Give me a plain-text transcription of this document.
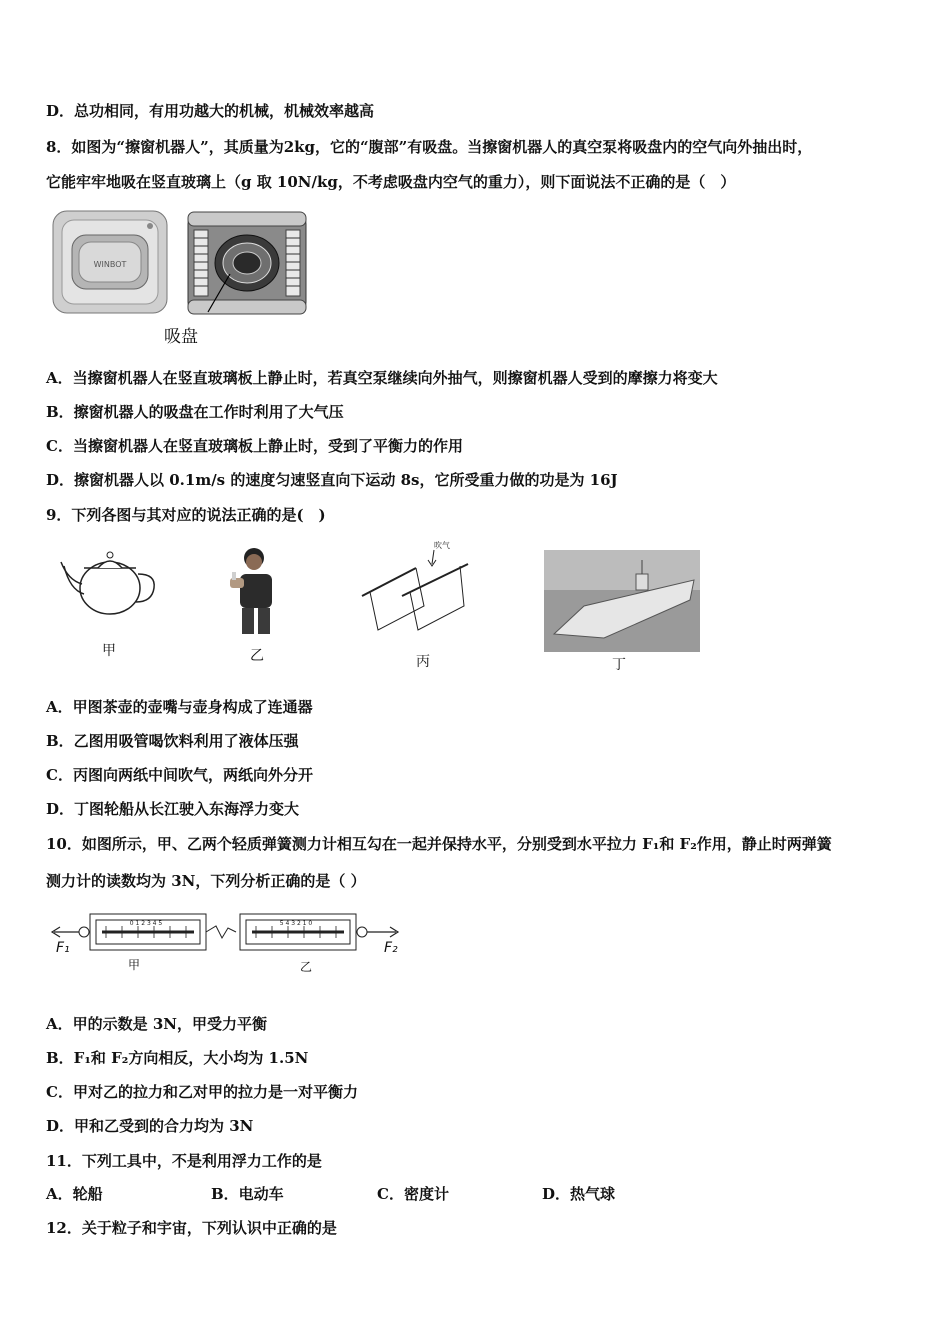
D．总功相同，有用功越大的机械，机械效率越高
8．如图为“擦窗机器人”，其质量为2kg，它的“腹部”有吸盘。当擦窗机器人的真空泵将吸盘内的空气向外抽出时，
它能牢牢地吸在竖直玻璃上（g 取 10N/kg，不考虑吸盘内空气的重力），则下面说法不正确的是（　）
WINBOT
吸盘
A．当擦窗机器人在竖直玻璃板上静止时，若真空泵继续向外抽气，则擦窗机器人受到的摩擦力将变大
B．擦窗机器人的吸盘在工作时利用了大气压
C．当擦窗机器人在竖直玻璃板上静止时，受到了平衡力的作用
D．擦窗机器人以 0.1m/s 的速度匀速竖直向下运动 8s，它所受重力做的功是为 16J
9．下列各图与其对应的说法正确的是(　)
甲	乙
吹气
丙	丁
A．甲图茶壶的壶嘴与壶身构成了连通器
B．乙图用吸管喝饮料利用了液体压强
C．丙图向两纸中间吹气，两纸向外分开
D．丁图轮船从长江驶入东海浮力变大
10．如图所示，甲、乙两个轻质弹簧测力计相互勾在一起并保持水平，分别受到水平拉力 F₁和 F₂作用，静止时两弹簧
测力计的读数均为 3N，下列分析正确的是（ ）
0 1 2 3 4 5	5 4 3 2 1 0
F₁	F₂
甲	乙
A．甲的示数是 3N，甲受力平衡
B．F₁和 F₂方向相反，大小均为 1.5N
C．甲对乙的拉力和乙对甲的拉力是一对平衡力
D．甲和乙受到的合力均为 3N
11．下列工具中，不是利用浮力工作的是
A．轮船	B．电动车	C．密度计	D．热气球
12．关于粒子和宇宙，下列认识中正确的是
